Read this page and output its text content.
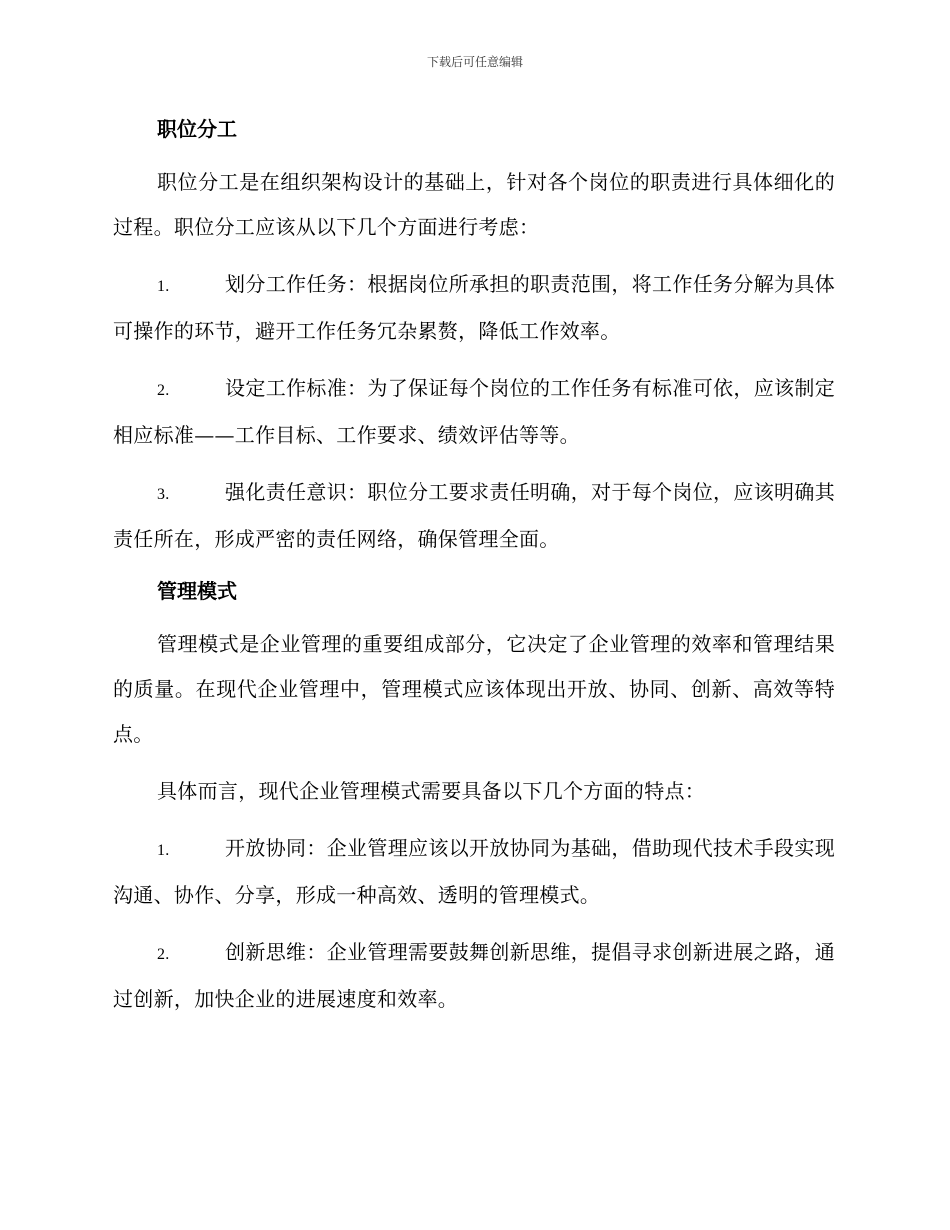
下载后可任意编辑
职位分工
职位分工是在组织架构设计的基础上，针对各个岗位的职责进行具体细化的过程。职位分工应该从以下几个方面进行考虑：
1.	划分工作任务：根据岗位所承担的职责范围，将工作任务分解为具体可操作的环节，避开工作任务冗杂累赘，降低工作效率。
2.	设定工作标准：为了保证每个岗位的工作任务有标准可依，应该制定相应标准——工作目标、工作要求、绩效评估等等。
3.	强化责任意识：职位分工要求责任明确，对于每个岗位，应该明确其责任所在，形成严密的责任网络，确保管理全面。
管理模式
管理模式是企业管理的重要组成部分，它决定了企业管理的效率和管理结果的质量。在现代企业管理中，管理模式应该体现出开放、协同、创新、高效等特点。
具体而言，现代企业管理模式需要具备以下几个方面的特点：
1.	开放协同：企业管理应该以开放协同为基础，借助现代技术手段实现沟通、协作、分享，形成一种高效、透明的管理模式。
2.	创新思维：企业管理需要鼓舞创新思维，提倡寻求创新进展之路，通过创新，加快企业的进展速度和效率。
